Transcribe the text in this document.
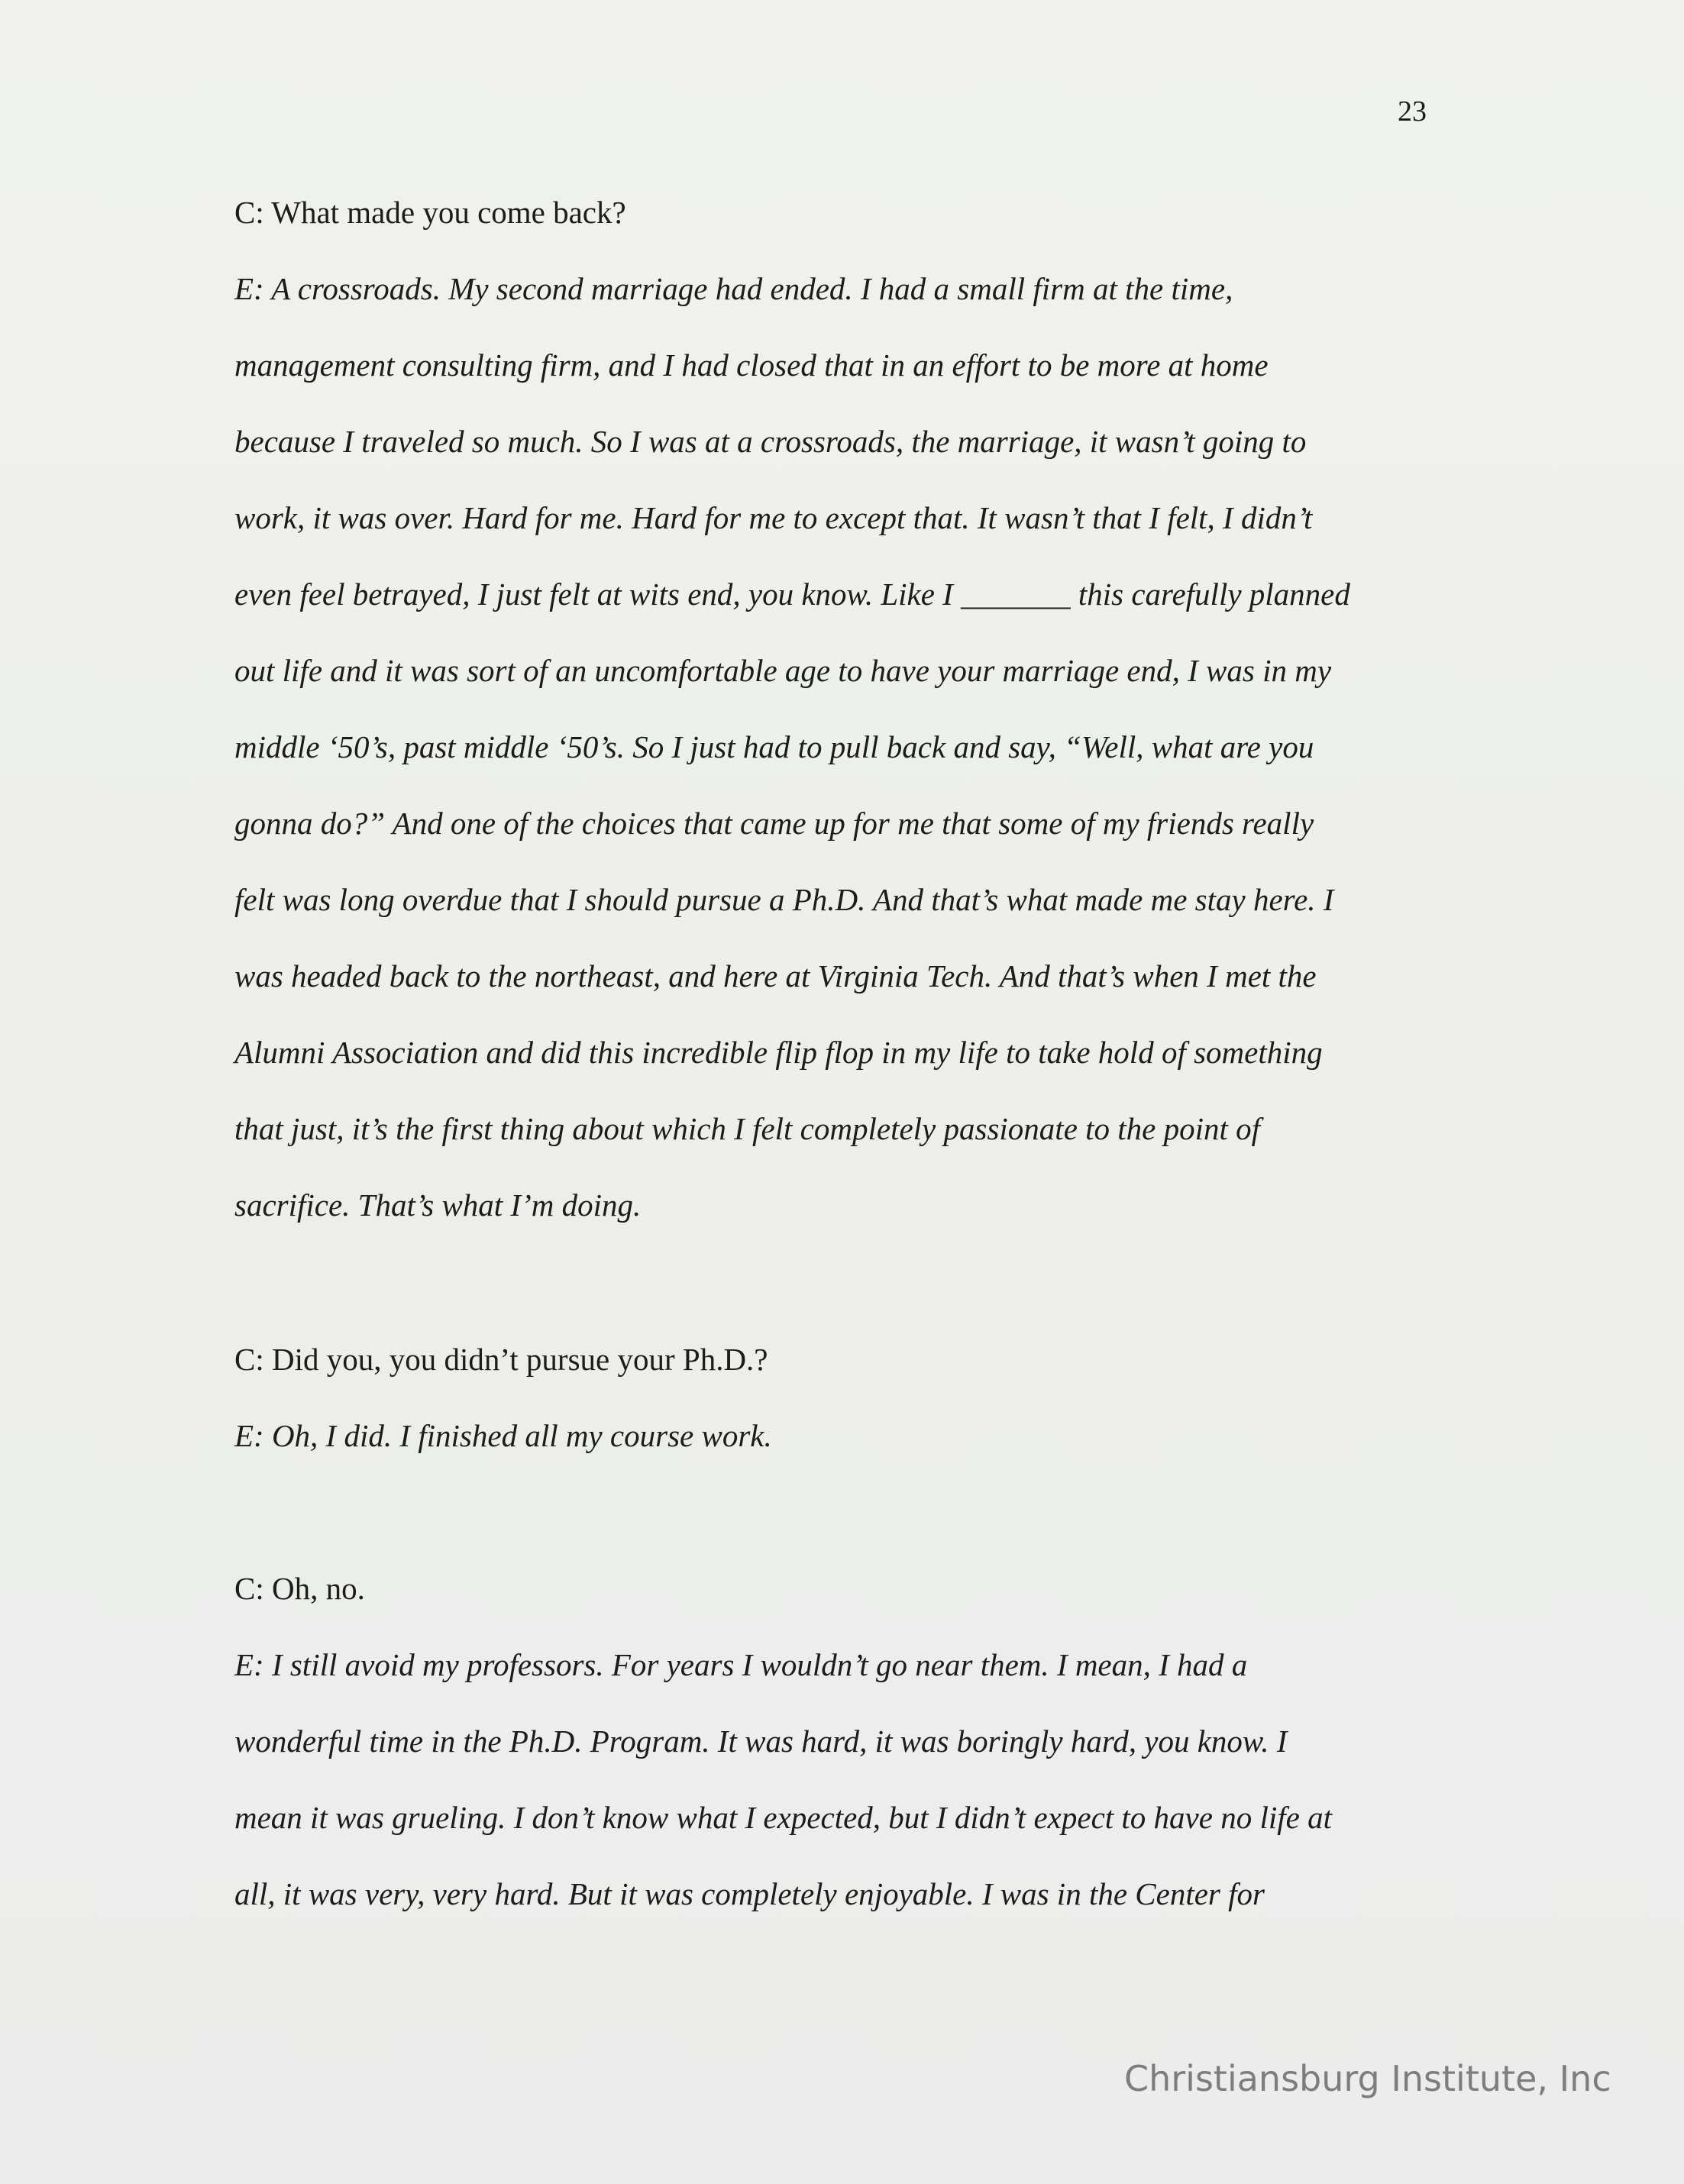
23
C: What made you come back?
E: A crossroads. My second marriage had ended. I had a small firm at the time,
management consulting firm, and I had closed that in an effort to be more at home
because I traveled so much. So I was at a crossroads, the marriage, it wasn’t going to
work, it was over. Hard for me. Hard for me to except that. It wasn’t that I felt, I didn’t
even feel betrayed, I just felt at wits end, you know. Like I _______ this carefully planned
out life and it was sort of an uncomfortable age to have your marriage end, I was in my
middle ‘50’s, past middle ‘50’s. So I just had to pull back and say, “Well, what are you
gonna do?” And one of the choices that came up for me that some of my friends really
felt was long overdue that I should pursue a Ph.D. And that’s what made me stay here. I
was headed back to the northeast, and here at Virginia Tech. And that’s when I met the
Alumni Association and did this incredible flip flop in my life to take hold of something
that just, it’s the first thing about which I felt completely passionate to the point of
sacrifice. That’s what I’m doing.
C: Did you, you didn’t pursue your Ph.D.?
E: Oh, I did. I finished all my course work.
C: Oh, no.
E: I still avoid my professors. For years I wouldn’t go near them. I mean, I had a
wonderful time in the Ph.D. Program. It was hard, it was boringly hard, you know. I
mean it was grueling. I don’t know what I expected, but I didn’t expect to have no life at
all, it was very, very hard. But it was completely enjoyable. I was in the Center for
Christiansburg Institute, Inc
